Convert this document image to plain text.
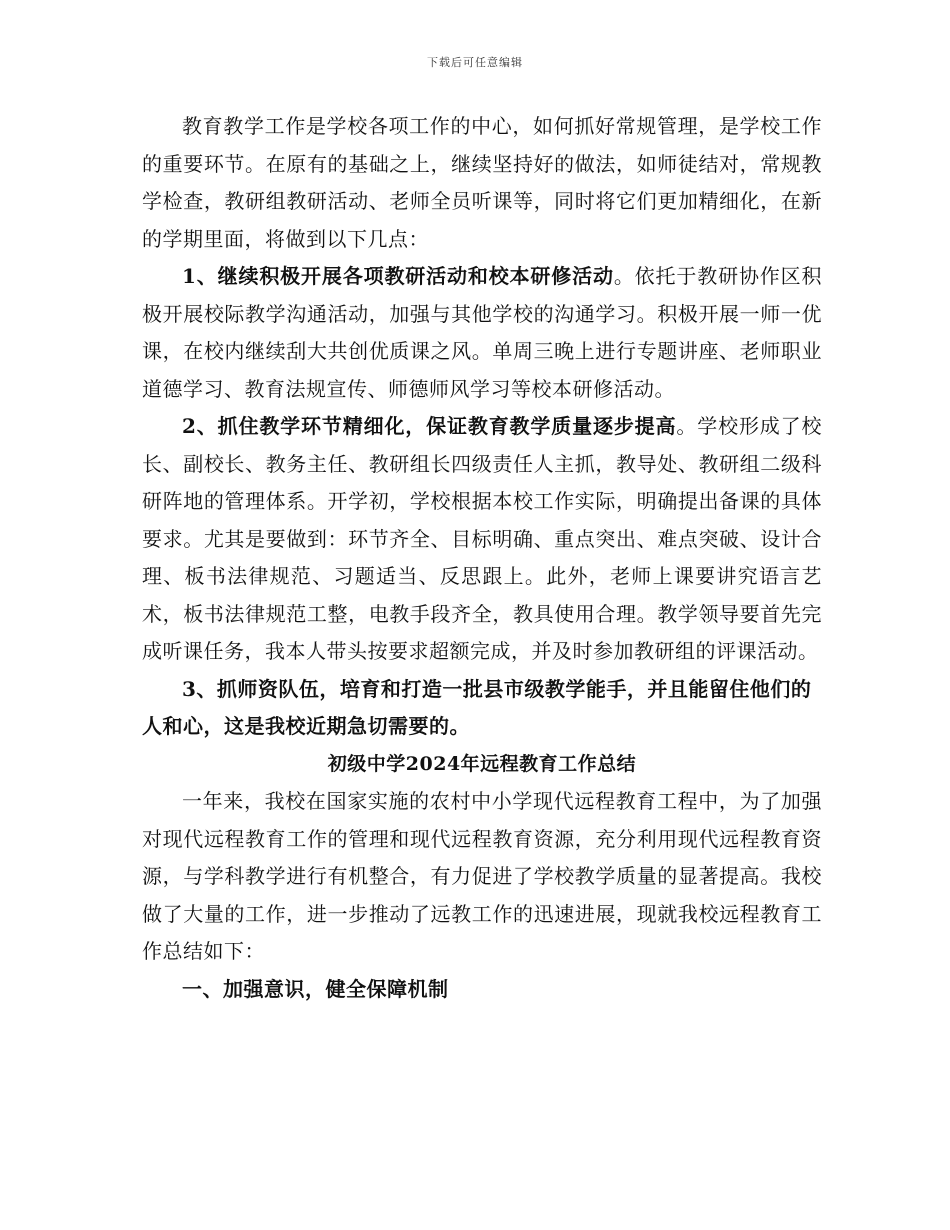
下载后可任意编辑

教育教学工作是学校各项工作的中心，如何抓好常规管理，是学校工作的重要环节。在原有的基础之上，继续坚持好的做法，如师徒结对，常规教学检查，教研组教研活动、老师全员听课等，同时将它们更加精细化，在新的学期里面，将做到以下几点：

1、继续积极开展各项教研活动和校本研修活动。依托于教研协作区积极开展校际教学沟通活动，加强与其他学校的沟通学习。积极开展一师一优课，在校内继续刮大共创优质课之风。单周三晚上进行专题讲座、老师职业道德学习、教育法规宣传、师德师风学习等校本研修活动。

2、抓住教学环节精细化，保证教育教学质量逐步提高。学校形成了校长、副校长、教务主任、教研组长四级责任人主抓，教导处、教研组二级科研阵地的管理体系。开学初，学校根据本校工作实际，明确提出备课的具体要求。尤其是要做到：环节齐全、目标明确、重点突出、难点突破、设计合理、板书法律规范、习题适当、反思跟上。此外，老师上课要讲究语言艺术，板书法律规范工整，电教手段齐全，教具使用合理。教学领导要首先完成听课任务，我本人带头按要求超额完成，并及时参加教研组的评课活动。

3、抓师资队伍，培育和打造一批县市级教学能手，并且能留住他们的人和心，这是我校近期急切需要的。

初级中学2024年远程教育工作总结

一年来，我校在国家实施的农村中小学现代远程教育工程中，为了加强对现代远程教育工作的管理和现代远程教育资源，充分利用现代远程教育资源，与学科教学进行有机整合，有力促进了学校教学质量的显著提高。我校做了大量的工作，进一步推动了远教工作的迅速进展，现就我校远程教育工作总结如下：

一、加强意识，健全保障机制
